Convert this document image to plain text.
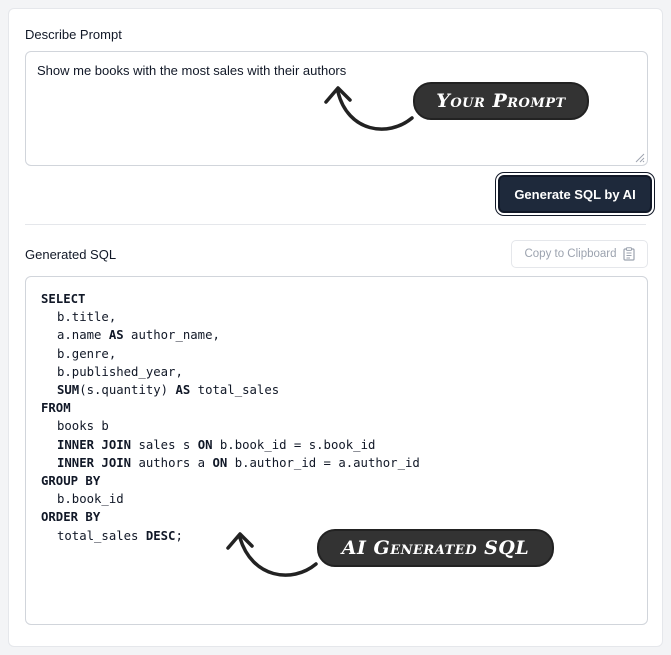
Describe Prompt
Show me books with the most sales with their authors
Generate SQL by AI
Generated SQL	Copy to Clipboard
SELECT
b.title,
a.name AS author_name,
b.genre,
b.published_year,
SUM(s.quantity) AS total_sales
FROM
books b
INNER JOIN sales s ON b.book_id = s.book_id
INNER JOIN authors a ON b.author_id = a.author_id
GROUP BY
b.book_id
ORDER BY
total_sales DESC;
Your Prompt
AI Generated SQL
